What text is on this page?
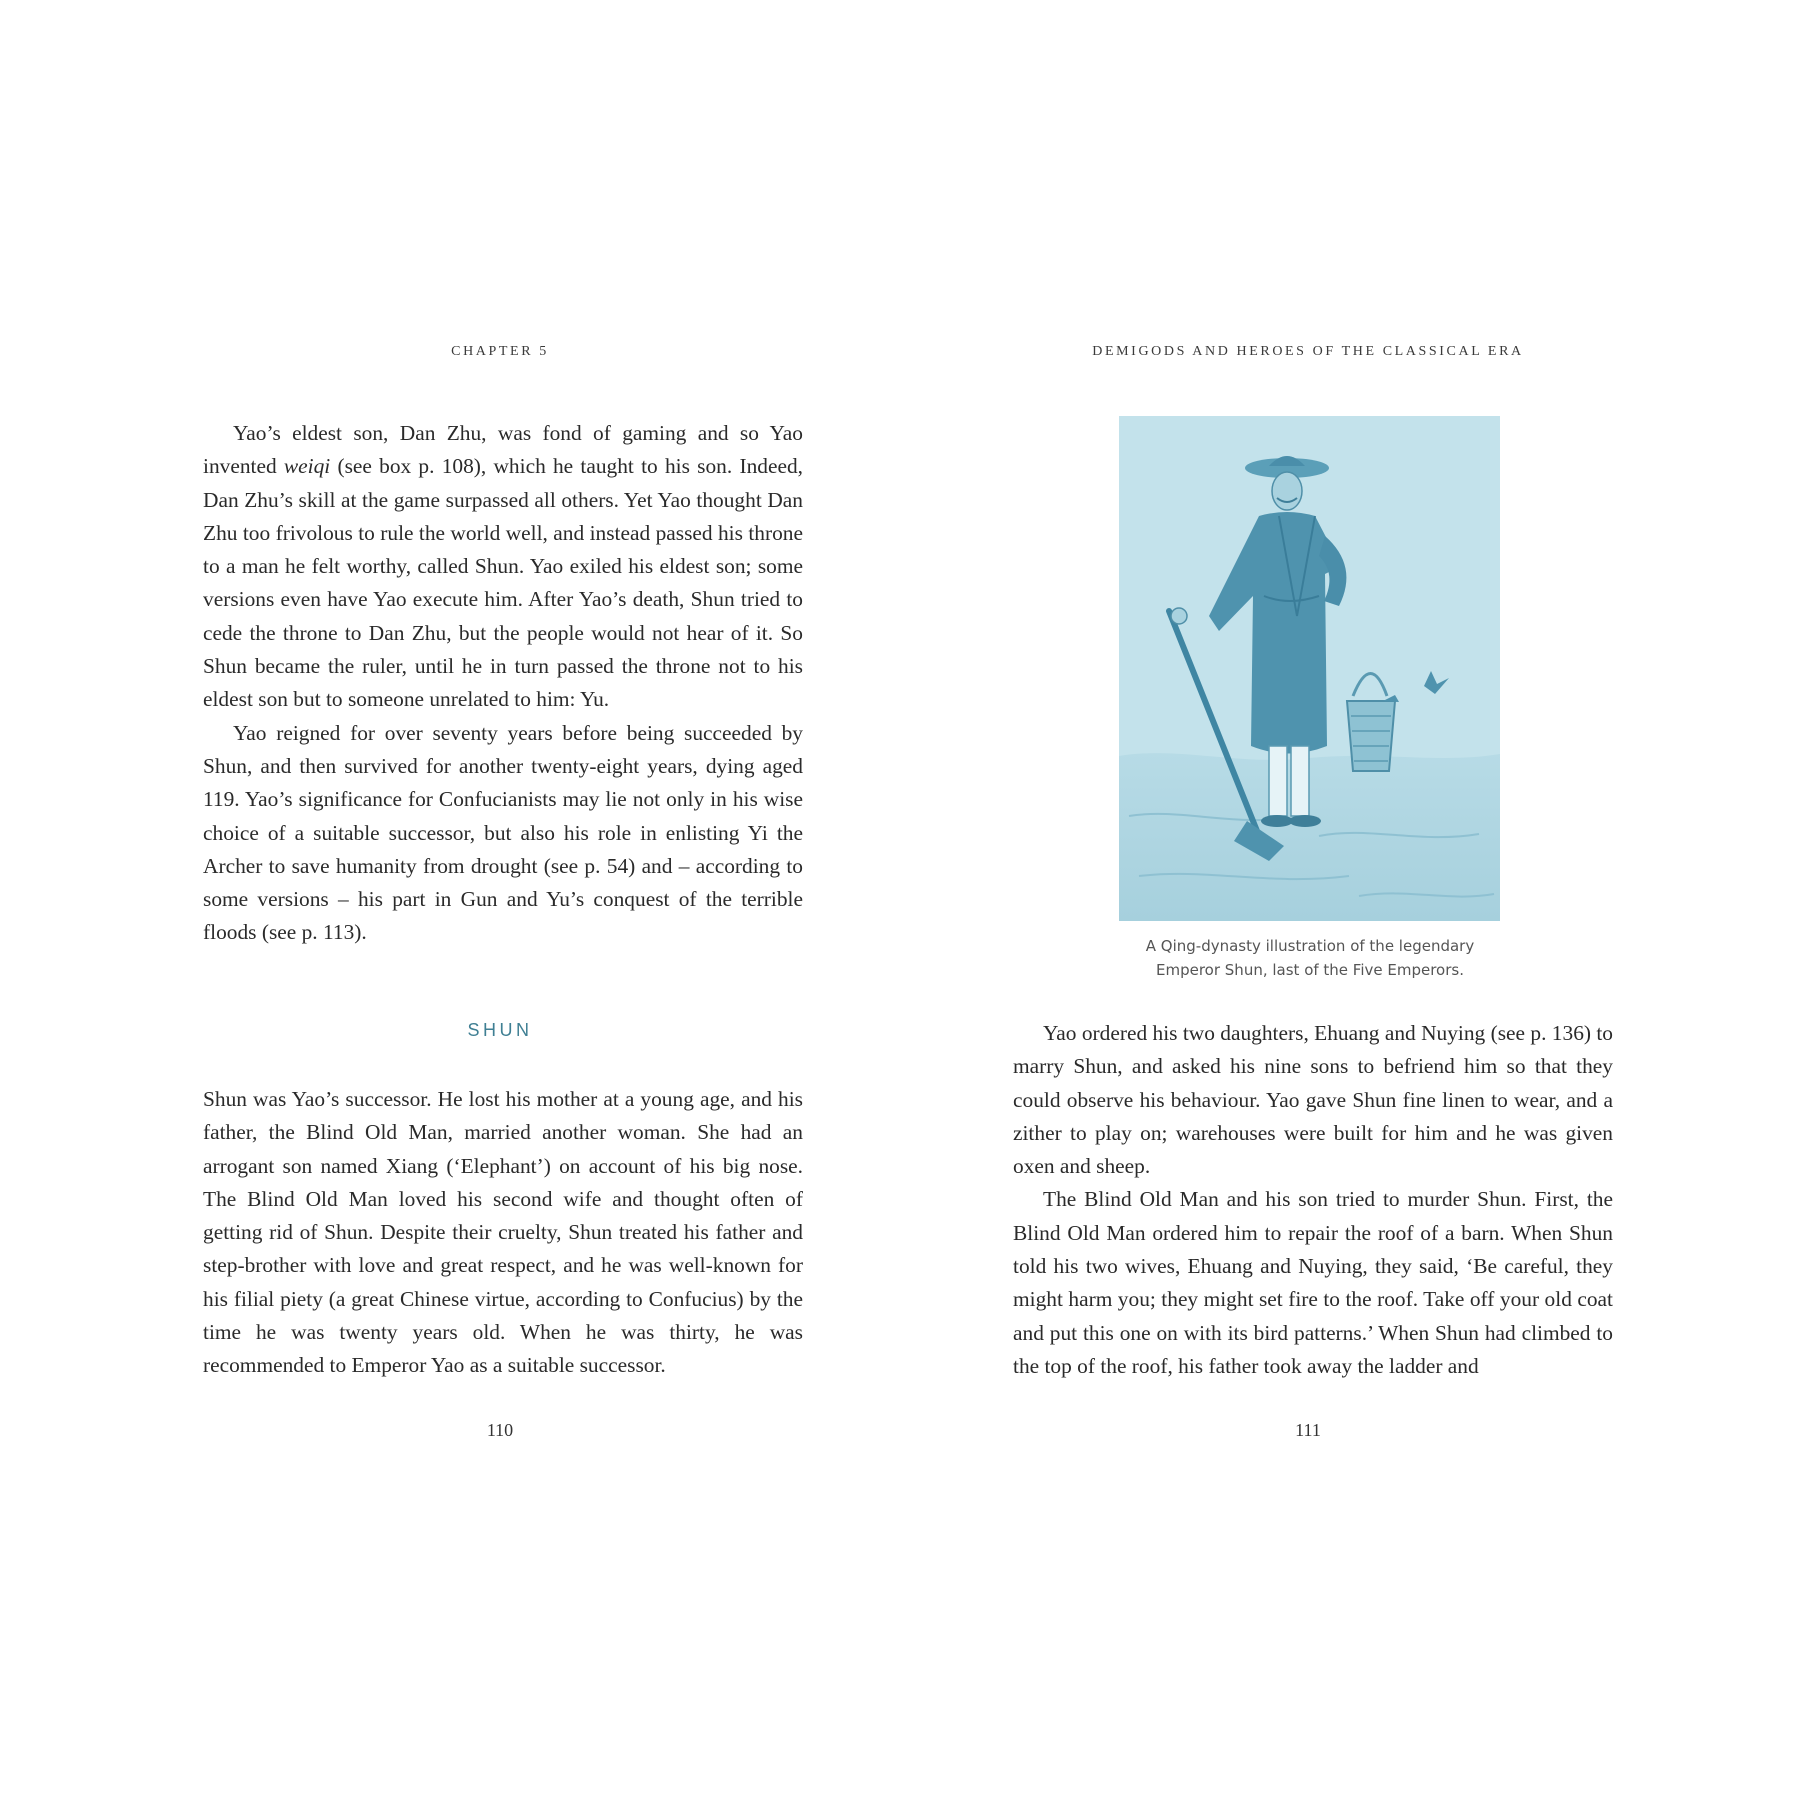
CHAPTER 5

Yao’s eldest son, Dan Zhu, was fond of gaming and so Yao invented weiqi (see box p. 108), which he taught to his son. Indeed, Dan Zhu’s skill at the game surpassed all others. Yet Yao thought Dan Zhu too frivolous to rule the world well, and instead passed his throne to a man he felt worthy, called Shun. Yao exiled his eldest son; some versions even have Yao execute him. After Yao’s death, Shun tried to cede the throne to Dan Zhu, but the people would not hear of it. So Shun became the ruler, until he in turn passed the throne not to his eldest son but to someone unrelated to him: Yu.

Yao reigned for over seventy years before being succeeded by Shun, and then survived for another twenty-eight years, dying aged 119. Yao’s significance for Confucianists may lie not only in his wise choice of a suitable successor, but also his role in enlisting Yi the Archer to save humanity from drought (see p. 54) and – according to some versions – his part in Gun and Yu’s conquest of the terrible floods (see p. 113).

SHUN

Shun was Yao’s successor. He lost his mother at a young age, and his father, the Blind Old Man, married another woman. She had an arrogant son named Xiang (‘Elephant’) on account of his big nose. The Blind Old Man loved his second wife and thought often of getting rid of Shun. Despite their cruelty, Shun treated his father and step-brother with love and great respect, and he was well-known for his filial piety (a great Chinese virtue, according to Confucius) by the time he was twenty years old. When he was thirty, he was recommended to Emperor Yao as a suitable successor.

110
DEMIGODS AND HEROES OF THE CLASSICAL ERA
A Qing-dynasty illustration of the legendary
Emperor Shun, last of the Five Emperors.

Yao ordered his two daughters, Ehuang and Nuying (see p. 136) to marry Shun, and asked his nine sons to befriend him so that they could observe his behaviour. Yao gave Shun fine linen to wear, and a zither to play on; warehouses were built for him and he was given oxen and sheep.

The Blind Old Man and his son tried to murder Shun. First, the Blind Old Man ordered him to repair the roof of a barn. When Shun told his two wives, Ehuang and Nuying, they said, ‘Be careful, they might harm you; they might set fire to the roof. Take off your old coat and put this one on with its bird patterns.’ When Shun had climbed to the top of the roof, his father took away the ladder and

111
